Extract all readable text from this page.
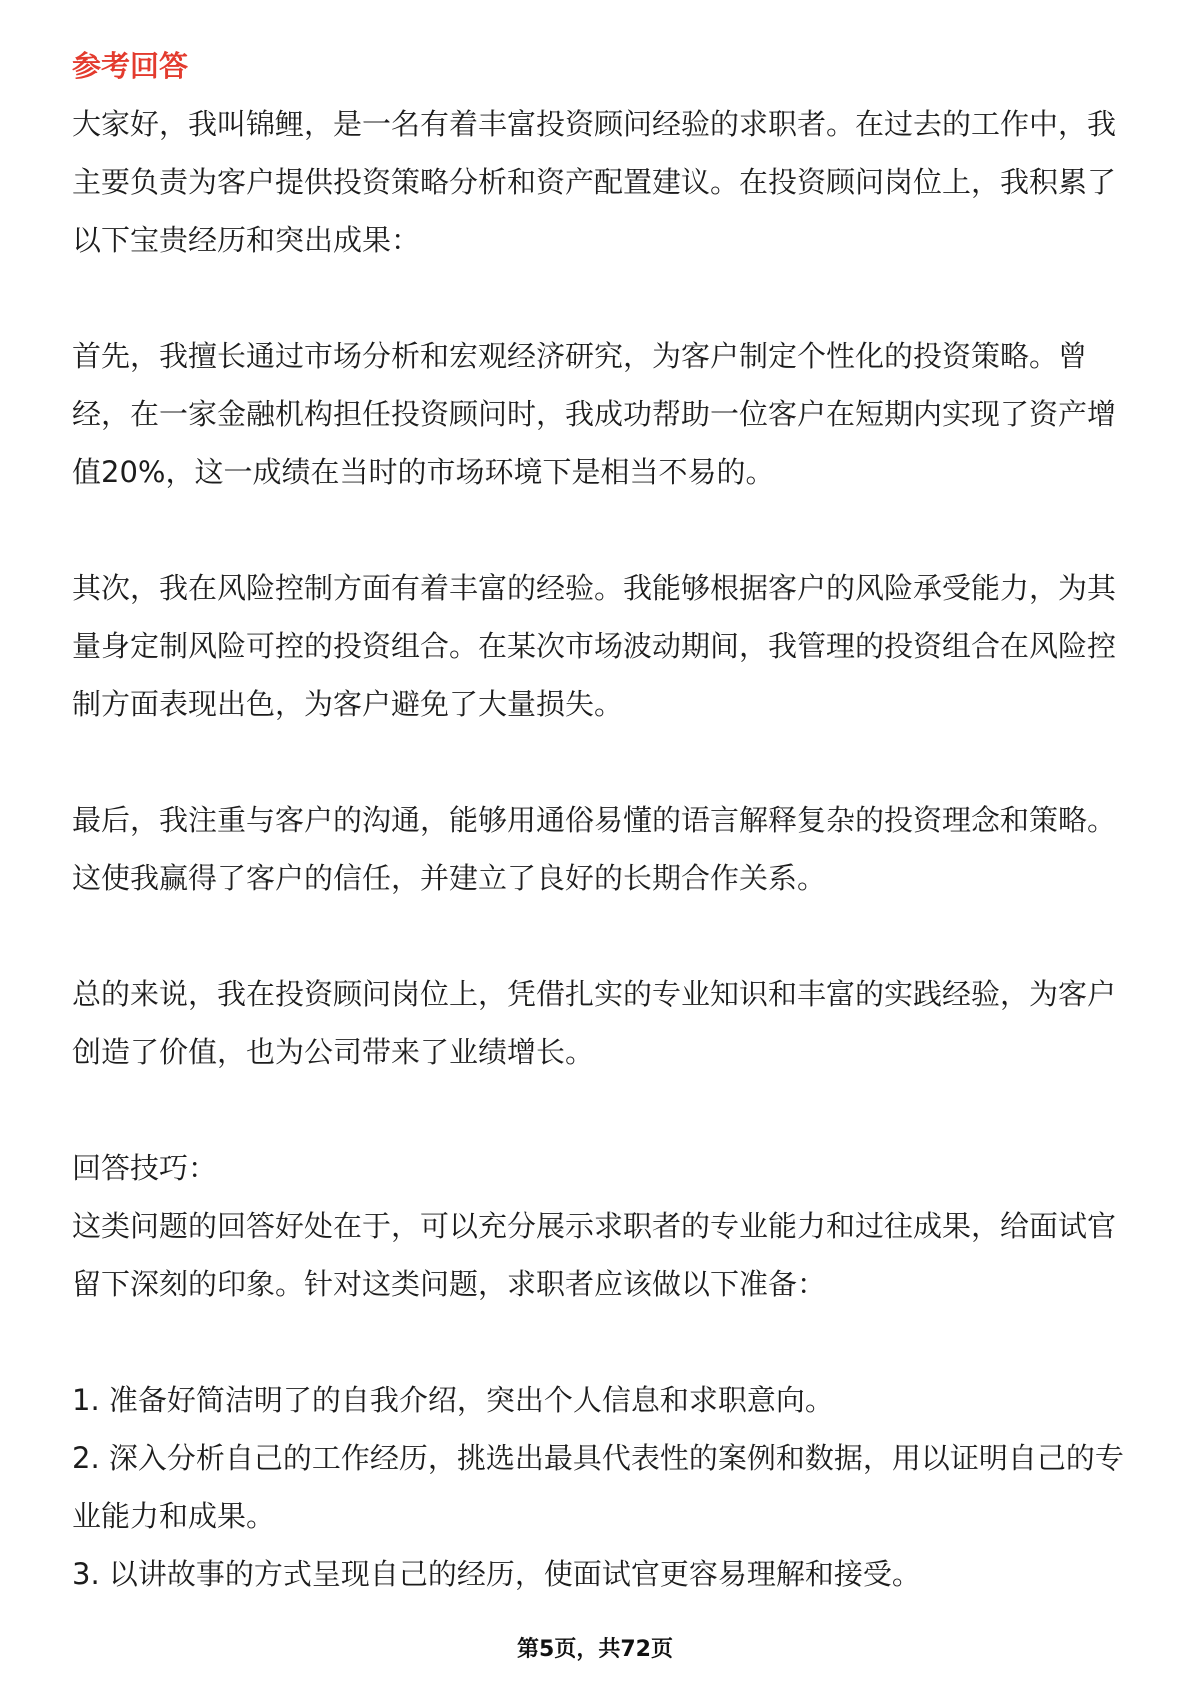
参考回答
大家好，我叫锦鲤，是一名有着丰富投资顾问经验的求职者。在过去的工作中，我
主要负责为客户提供投资策略分析和资产配置建议。在投资顾问岗位上，我积累了
以下宝贵经历和突出成果：
首先，我擅长通过市场分析和宏观经济研究，为客户制定个性化的投资策略。曾
经，在一家金融机构担任投资顾问时，我成功帮助一位客户在短期内实现了资产增
值20%，这一成绩在当时的市场环境下是相当不易的。
其次，我在风险控制方面有着丰富的经验。我能够根据客户的风险承受能力，为其
量身定制风险可控的投资组合。在某次市场波动期间，我管理的投资组合在风险控
制方面表现出色，为客户避免了大量损失。
最后，我注重与客户的沟通，能够用通俗易懂的语言解释复杂的投资理念和策略。
这使我赢得了客户的信任，并建立了良好的长期合作关系。
总的来说，我在投资顾问岗位上，凭借扎实的专业知识和丰富的实践经验，为客户
创造了价值，也为公司带来了业绩增长。
回答技巧：
这类问题的回答好处在于，可以充分展示求职者的专业能力和过往成果，给面试官
留下深刻的印象。针对这类问题，求职者应该做以下准备：
1. 准备好简洁明了的自我介绍，突出个人信息和求职意向。
2. 深入分析自己的工作经历，挑选出最具代表性的案例和数据，用以证明自己的专
业能力和成果。
3. 以讲故事的方式呈现自己的经历，使面试官更容易理解和接受。
第5页，共72页
